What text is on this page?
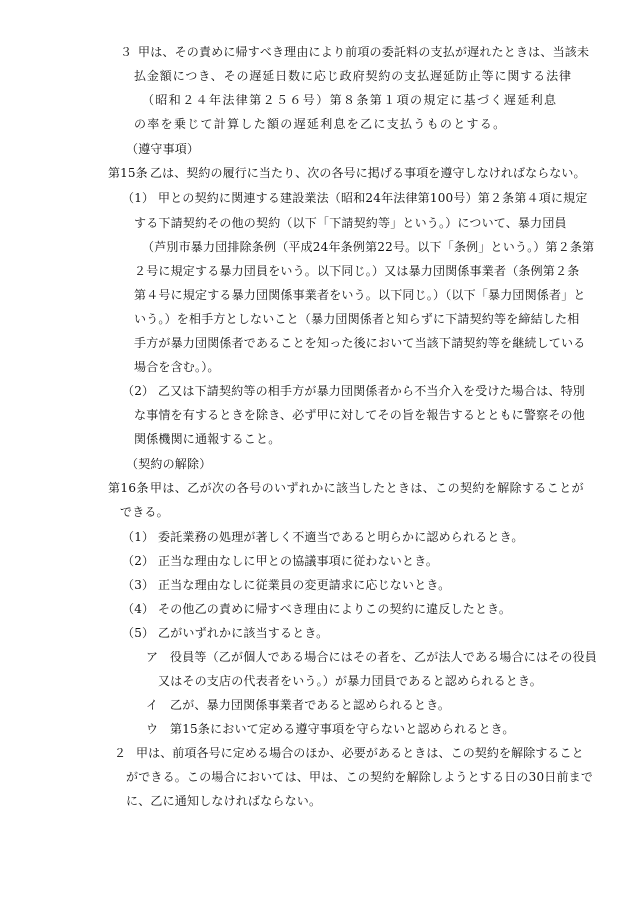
３ 甲は、その責めに帰すべき理由により前項の委託料の支払が遅れたときは、当該未
払金額につき、その遅延日数に応じ政府契約の支払遅延防止等に関する法律
（昭和２４年法律第２５６号）第８条第１項の規定に基づく遅延利息
の率を乗じて計算した額の遅延利息を乙に支払うものとする。
（遵守事項）
第15条 乙は、契約の履行に当たり、次の各号に掲げる事項を遵守しなければならない。
（1） 甲との契約に関連する建設業法（昭和24年法律第100号）第２条第４項に規定
する下請契約その他の契約（以下「下請契約等」という。）について、暴力団員
（芦別市暴力団排除条例（平成24年条例第22号。以下「条例」という。）第２条第
２号に規定する暴力団員をいう。以下同じ。）又は暴力団関係事業者（条例第２条
第４号に規定する暴力団関係事業者をいう。以下同じ。）（以下「暴力団関係者」と
いう。）を相手方としないこと（暴力団関係者と知らずに下請契約等を締結した相
手方が暴力団関係者であることを知った後において当該下請契約等を継続している
場合を含む。）。
（2） 乙又は下請契約等の相手方が暴力団関係者から不当介入を受けた場合は、特別
な事情を有するときを除き、必ず甲に対してその旨を報告するとともに警察その他
関係機関に通報すること。
（契約の解除）
第16条甲は、乙が次の各号のいずれかに該当したときは、この契約を解除することが
できる。
（1） 委託業務の処理が著しく不適当であると明らかに認められるとき。
（2） 正当な理由なしに甲との協議事項に従わないとき。
（3） 正当な理由なしに従業員の変更請求に応じないとき。
（4） その他乙の責めに帰すべき理由によりこの契約に違反したとき。
（5） 乙がいずれかに該当するとき。
ア 役員等（乙が個人である場合にはその者を、乙が法人である場合にはその役員
又はその支店の代表者をいう。）が暴力団員であると認められるとき。
イ 乙が、暴力団関係事業者であると認められるとき。
ウ 第15条において定める遵守事項を守らないと認められるとき。
２ 甲は、前項各号に定める場合のほか、必要があるときは、この契約を解除すること
ができる。この場合においては、甲は、この契約を解除しようとする日の30日前まで
に、乙に通知しなければならない。
